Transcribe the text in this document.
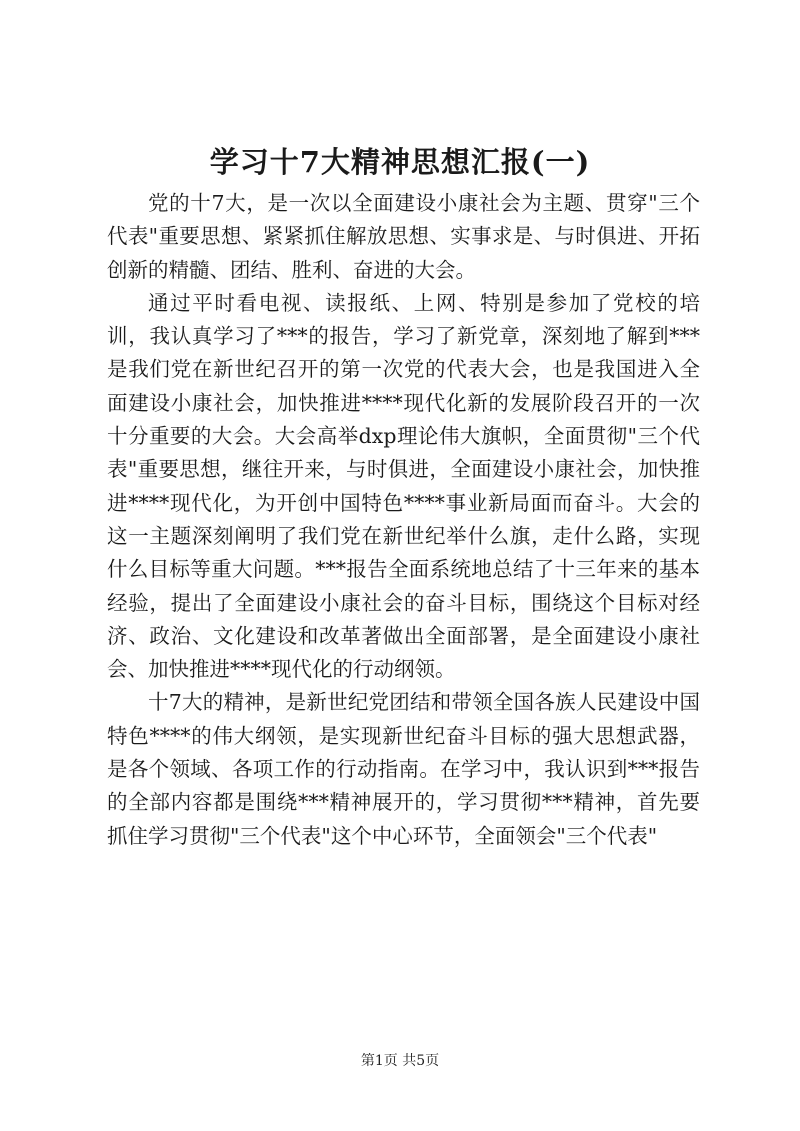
学习十7大精神思想汇报(一)

党的十7大，是一次以全面建设小康社会为主题、贯穿"三个代表"重要思想、紧紧抓住解放思想、实事求是、与时俱进、开拓创新的精髓、团结、胜利、奋进的大会。

通过平时看电视、读报纸、上网、特别是参加了党校的培训，我认真学习了***的报告，学习了新党章，深刻地了解到***是我们党在新世纪召开的第一次党的代表大会，也是我国进入全面建设小康社会，加快推进****现代化新的发展阶段召开的一次十分重要的大会。大会高举dxp理论伟大旗帜，全面贯彻"三个代表"重要思想，继往开来，与时俱进，全面建设小康社会，加快推进****现代化，为开创中国特色****事业新局面而奋斗。大会的这一主题深刻阐明了我们党在新世纪举什么旗，走什么路，实现什么目标等重大问题。***报告全面系统地总结了十三年来的基本经验，提出了全面建设小康社会的奋斗目标，围绕这个目标对经济、政治、文化建设和改革著做出全面部署，是全面建设小康社会、加快推进****现代化的行动纲领。

十7大的精神，是新世纪党团结和带领全国各族人民建设中国特色****的伟大纲领，是实现新世纪奋斗目标的强大思想武器，是各个领域、各项工作的行动指南。在学习中，我认识到***报告的全部内容都是围绕***精神展开的，学习贯彻***精神，首先要抓住学习贯彻"三个代表"这个中心环节，全面领会"三个代表"

第1页 共5页
